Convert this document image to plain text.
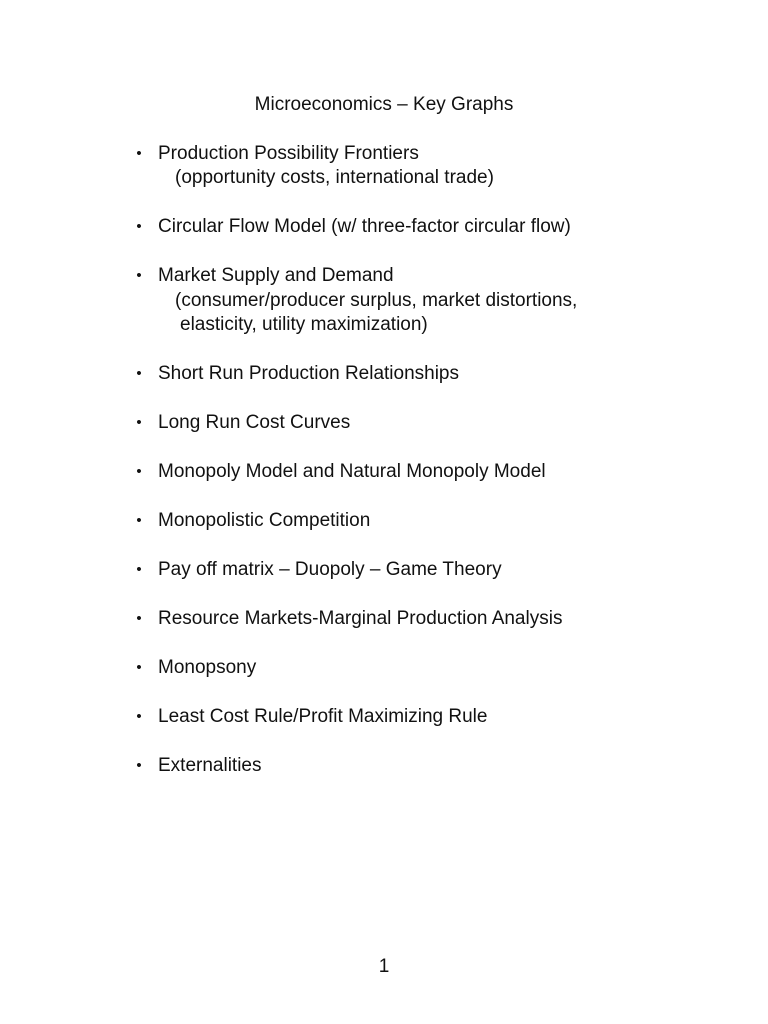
Microeconomics – Key Graphs
• Production Possibility Frontiers
(opportunity costs, international trade)
• Circular Flow Model (w/ three-factor circular flow)
• Market Supply and Demand
(consumer/producer surplus, market distortions,
elasticity, utility maximization)
• Short Run Production Relationships
• Long Run Cost Curves
• Monopoly Model and Natural Monopoly Model
• Monopolistic Competition
• Pay off matrix – Duopoly – Game Theory
• Resource Markets-Marginal Production Analysis
• Monopsony
• Least Cost Rule/Profit Maximizing Rule
• Externalities
1
